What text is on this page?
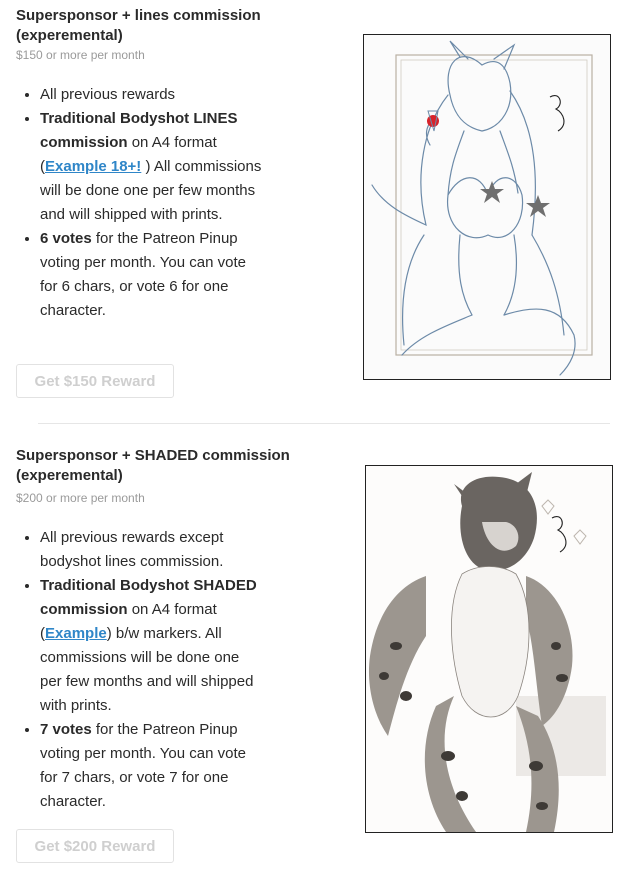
Supersponsor + lines commission (experemental)
$150 or more per month
• All previous rewards
• Traditional Bodyshot LINES commission on A4 format (Example 18+! ) All commissions will be done one per few months and will shipped with prints.
• 6 votes for the Patreon Pinup voting per month. You can vote for 6 chars, or vote 6 for one character.
Get $150 Reward
Supersponsor + SHADED commission (experemental)
$200 or more per month
• All previous rewards except bodyshot lines commission.
• Traditional Bodyshot SHADED commission on A4 format (Example) b/w markers. All commissions will be done one per few months and will shipped with prints.
• 7 votes for the Patreon Pinup voting per month. You can vote for 7 chars, or vote 7 for one character.
Get $200 Reward
